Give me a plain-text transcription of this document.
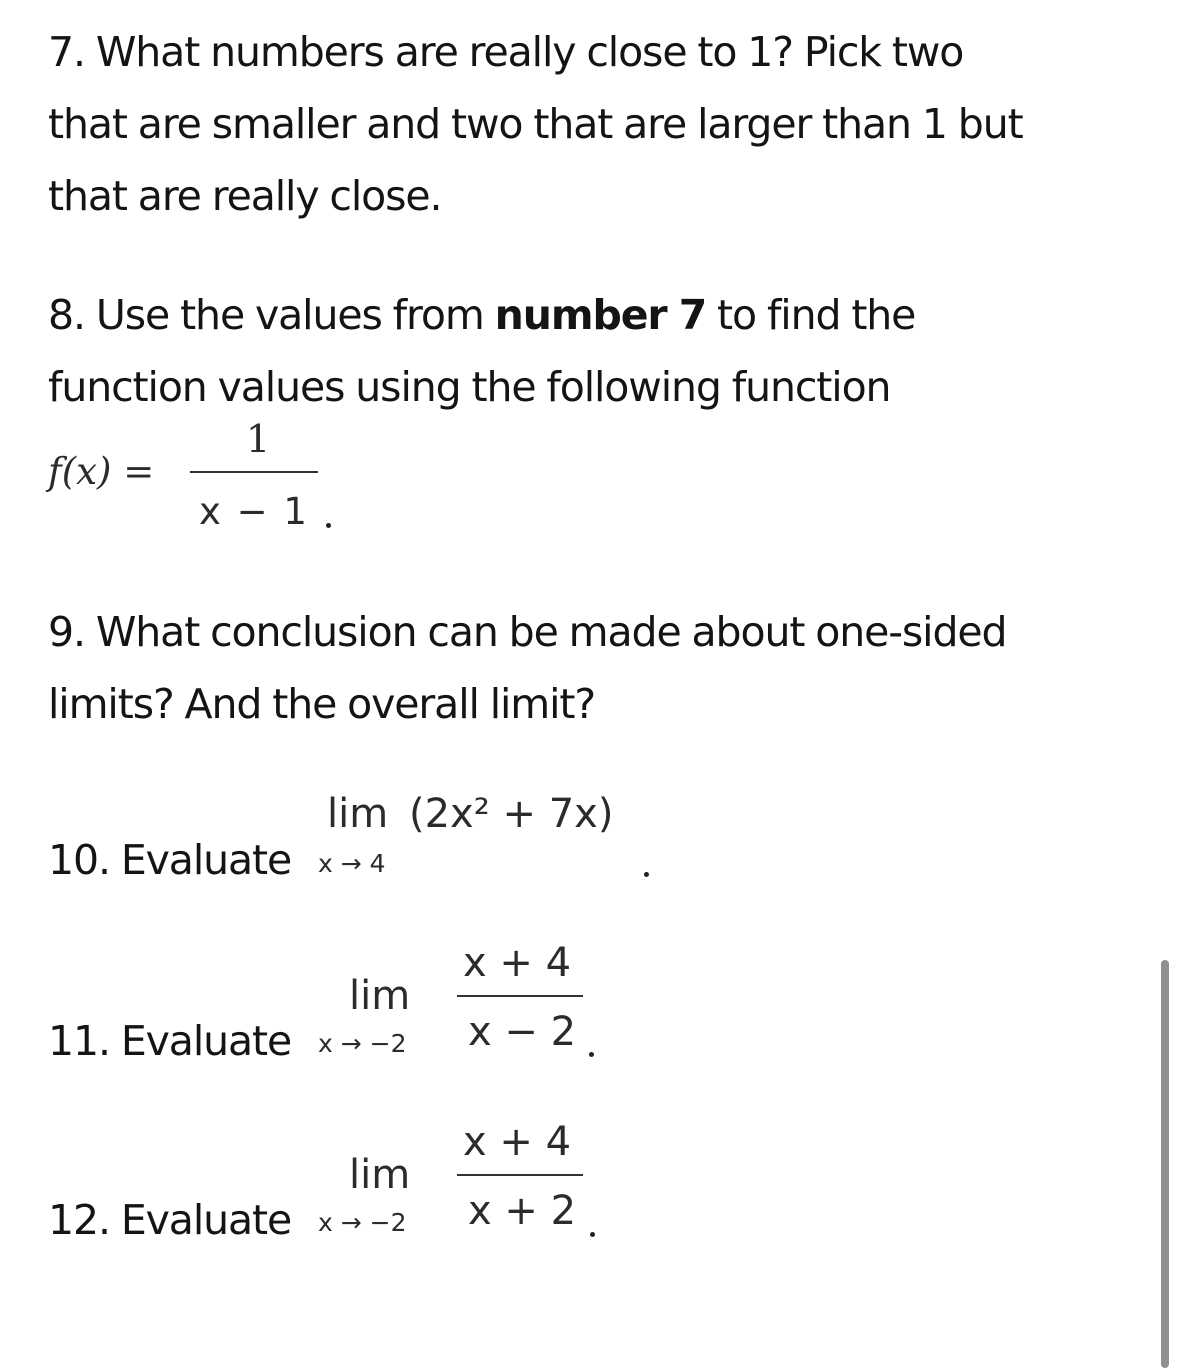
7. What numbers are really close to 1? Pick two
that are smaller and two that are larger than 1 but
that are really close.
8. Use the values from number 7 to find the
function values using the following function
f(x) =
1
x − 1
9. What conclusion can be made about one-sided
limits? And the overall limit?
10. Evaluate
lim (2x² + 7x)
x → 4
11. Evaluate
x + 4
lim
x − 2
x → −2
12. Evaluate
x + 4
lim
x + 2
x → −2
